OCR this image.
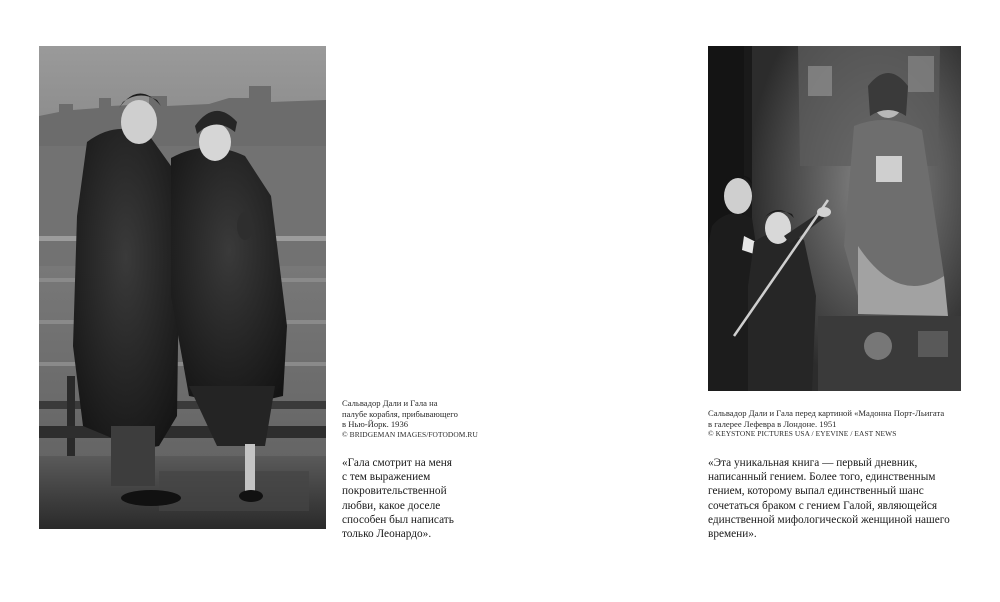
Сальвадор Дали и Гала на
палубе корабля, прибывающего
в Нью-Йорк. 1936
© BRIDGEMAN IMAGES/FOTODOM.RU
«Гала смотрит на меня
с тем выражением
покровительственной
любви, какое доселе
способен был написать
только Леонардо».
Сальвадор Дали и Гала перед картиной «Мадонна Порт-Льигата
в галерее Лефевра в Лондоне. 1951
© KEYSTONE PICTURES USA / EYEVINE / EAST NEWS
«Эта уникальная книга — первый дневник,
написанный гением. Более того, единственным
гением, которому выпал единственный шанс
сочетаться браком с гением Галой, являющейся
единственной мифологической женщиной нашего
времени».
